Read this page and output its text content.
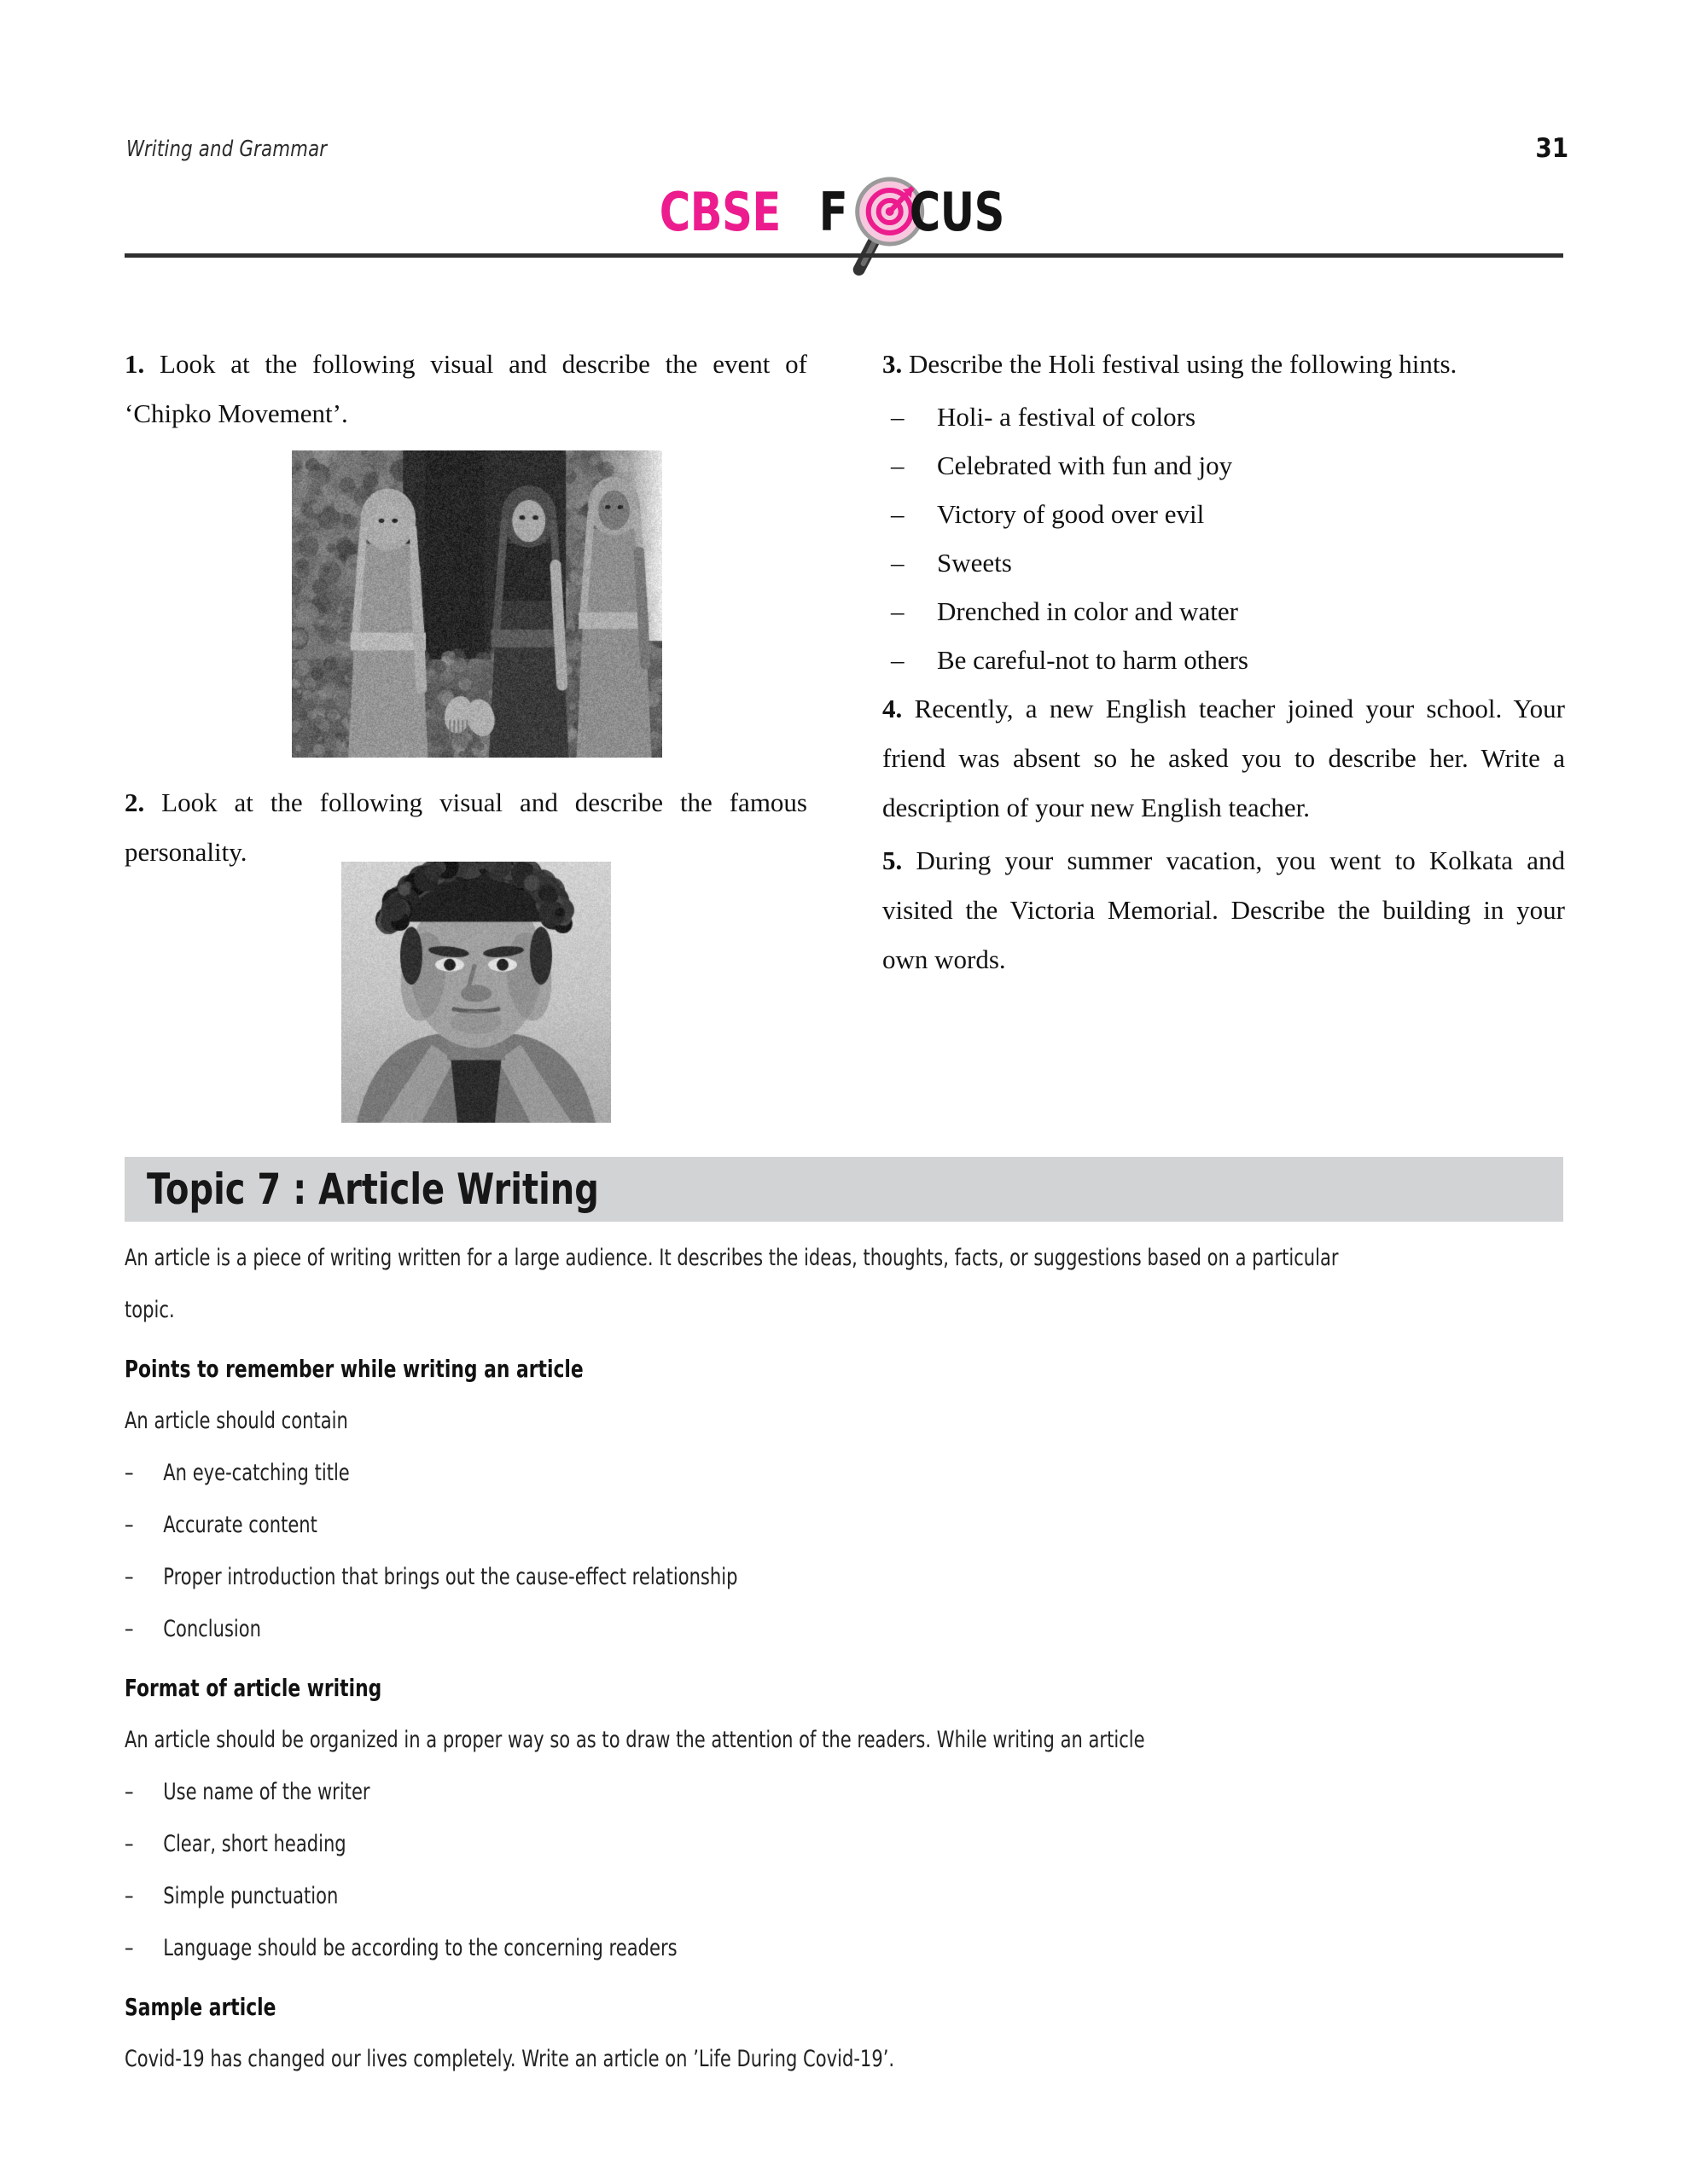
Writing and Grammar	31
CBSE F CUS
1. Look at the following visual and describe the event of ‘Chipko Movement’.
2. Look at the following visual and describe the famous personality.
3. Describe the Holi festival using the following hints.
– Holi- a festival of colors
– Celebrated with fun and joy
– Victory of good over evil
– Sweets
– Drenched in color and water
– Be careful-not to harm others
4. Recently, a new English teacher joined your school. Your friend was absent so he asked you to describe her. Write a description of your new English teacher.
5. During your summer vacation, you went to Kolkata and visited the Victoria Memorial. Describe the building in your own words.
Topic 7 : Article Writing
An article is a piece of writing written for a large audience. It describes the ideas, thoughts, facts, or suggestions based on a particular
topic.
Points to remember while writing an article
An article should contain
– An eye-catching title
– Accurate content
– Proper introduction that brings out the cause-effect relationship
– Conclusion
Format of article writing
An article should be organized in a proper way so as to draw the attention of the readers. While writing an article
– Use name of the writer
– Clear, short heading
– Simple punctuation
– Language should be according to the concerning readers
Sample article
Covid-19 has changed our lives completely. Write an article on ’Life During Covid-19’.
